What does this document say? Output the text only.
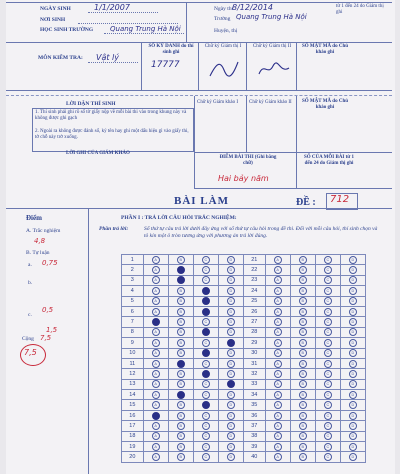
NGÀY SINH	1/1/2007
NƠI SINH
HỌC SINH TRƯỜNG Quang Trung Hà Nội
Ngày thi
8/12/2014
Trường Quang Trung Hà Nội
Huyện, thị
từ 1 đến 24 do Giám thị ghi
MÔN KIỂM TRA: Vật lý
SỐ KÝ DANH do thí sinh ghi
17777
Chữ ký Giám thị I	Chữ ký Giám thị II	SỐ MẬT MÃ do Chủ khảo ghi
LỜI DẶN THÍ SINH
1. Thí sinh phải ghi rõ số tờ giấy nộp về mỗi bài thi vào trong khung này và không được ghi gạch
2. Ngoài ra không được đánh số, ký tên hay ghi một dấu hiệu gì vào giấy thi, tờ chỗ này trở xuống.
LỜI GHI CỦA GIÁM KHẢO
Chữ ký Giám khảo I	Chữ ký Giám khảo II	SỐ MẬT MÃ do Chủ khảo ghi
ĐIỂM BÀI THI (Ghi bằng chữ)
Hai bảy năm
SỐ CỦA MỖI BÀI từ 1 đến 24 do Giám thị ghi
BÀI LÀM	ĐỀ : 712
Điểm
A. Trắc nghiệm
4,8
B. Tự luận
a. 0,75
b.
0,5
c.
1,5
Cộng 7,5
7,5
PHẦN I : TRẢ LỜI CÂU HỎI TRẮC NGHIỆM:
Phần trả lời:	Số thứ tự câu trả lời dưới đây ứng với số thứ tự câu hỏi trong đề thi. Đối với mỗi câu hỏi, thí sinh chọn và tô kín một ô tròn tương ứng với phương án trả lời đúng.
1	A	B	C	D	21	A	B	C	D
2	A	B	C	D	22	A	B	C	D
3	A	B	C	D	23	A	B	C	D
4	A	B	C	D	24	A	B	C	D
5	A	B	C	D	25	A	B	C	D
6	A	B	C	D	26	A	B	C	D
7	A	B	C	D	27	A	B	C	D
8	A	B	C	D	28	A	B	C	D
9	A	B	C	D	29	A	B	C	D
10	A	B	C	D	30	A	B	C	D
11	A	B	C	D	31	A	B	C	D
12	A	B	C	D	32	A	B	C	D
13	A	B	C	D	33	A	B	C	D
14	A	B	C	D	34	A	B	C	D
15	A	B	C	D	35	A	B	C	D
16	A	B	C	D	36	A	B	C	D
17	A	B	C	D	37	A	B	C	D
18	A	B	C	D	38	A	B	C	D
19	A	B	C	D	39	A	B	C	D
20	A	B	C	D	40	A	B	C	D
